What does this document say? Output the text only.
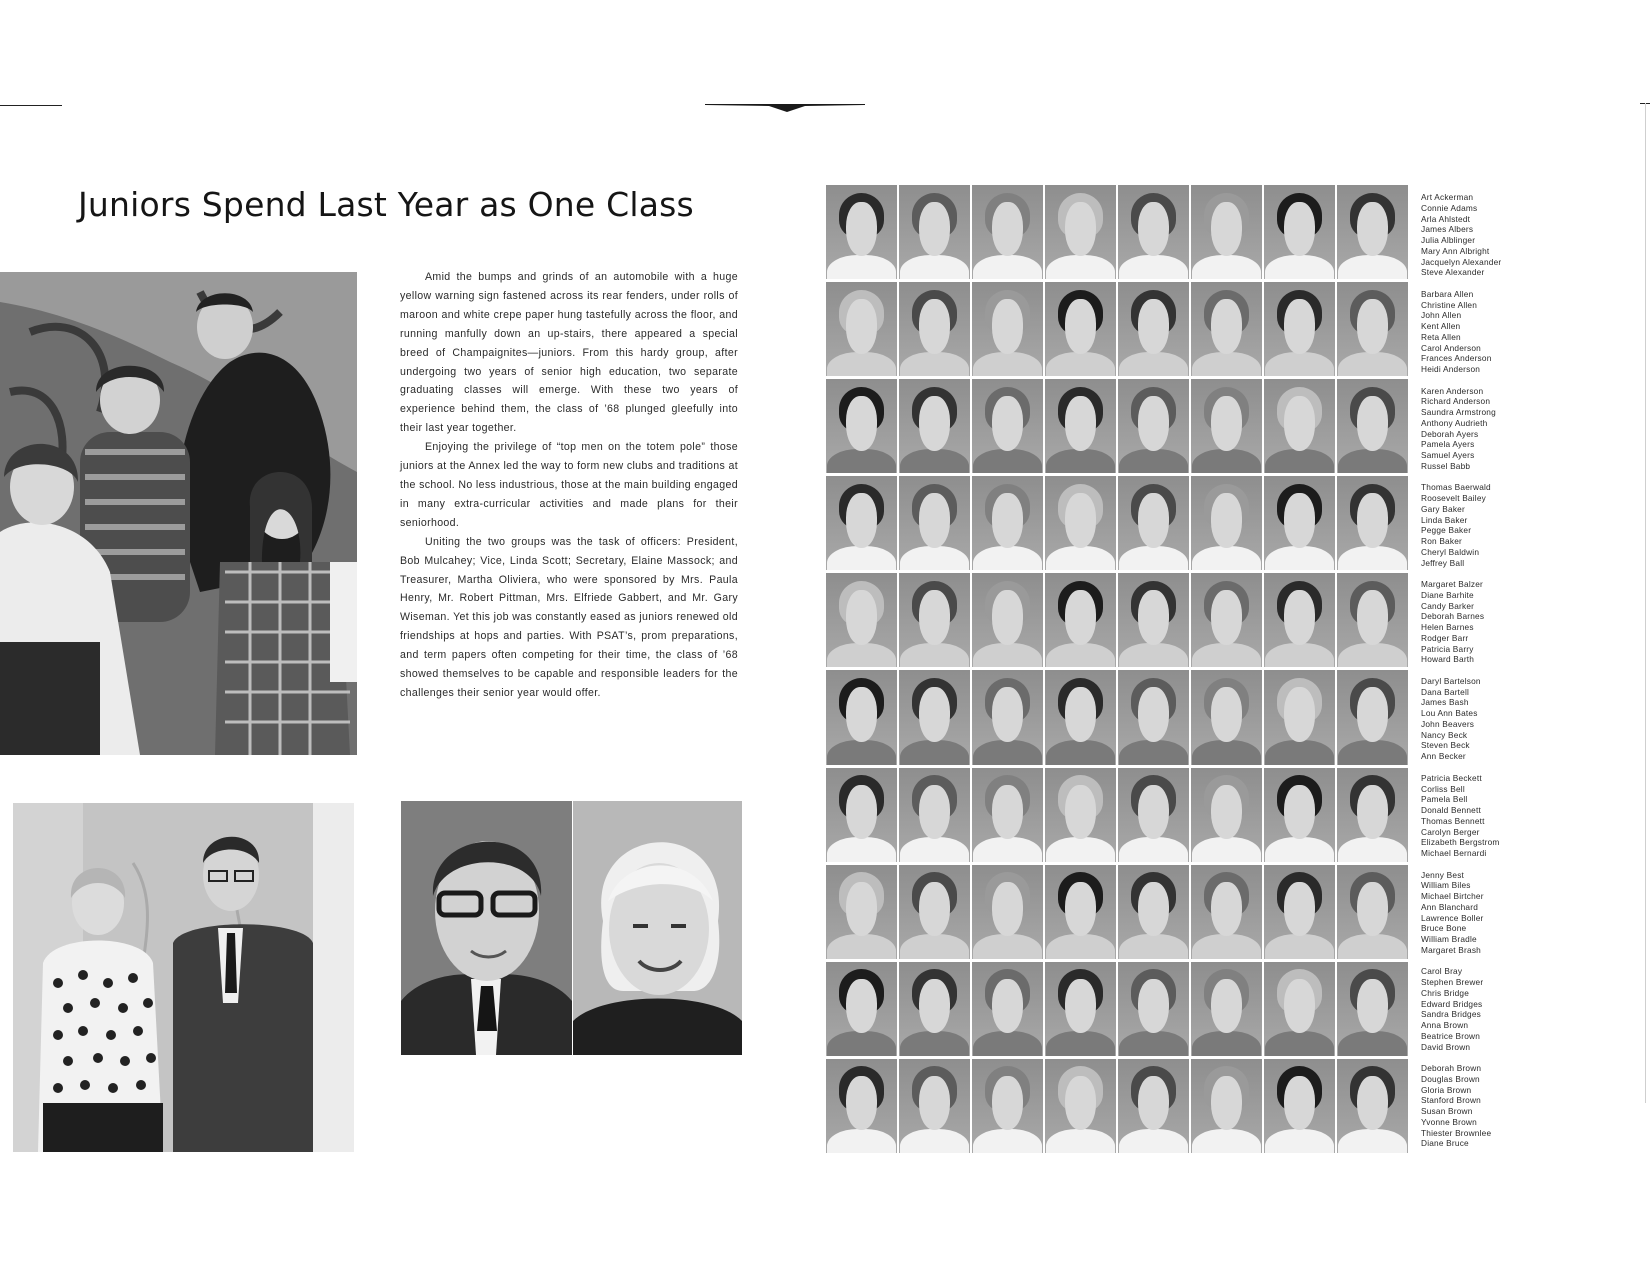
Juniors Spend Last Year as One Class

Amid the bumps and grinds of an automobile with a huge yellow warning sign fastened across its rear fenders, under rolls of maroon and white crepe paper hung tastefully across the floor, and running manfully down an up-stairs, there appeared a special breed of Champaignites—juniors. From this hardy group, after undergoing two years of senior high education, two separate graduating classes will emerge. With these two years of experience behind them, the class of ’68 plunged gleefully into their last year together.

Enjoying the privilege of “top men on the totem pole” those juniors at the Annex led the way to form new clubs and traditions at the school. No less industrious, those at the main building engaged in many extra-curricular activities and made plans for their seniorhood.

Uniting the two groups was the task of officers: President, Bob Mulcahey; Vice, Linda Scott; Secretary, Elaine Massock; and Treasurer, Martha Oliviera, who were sponsored by Mrs. Paula Henry, Mr. Robert Pittman, Mrs. Elfriede Gabbert, and Mr. Gary Wiseman. Yet this job was constantly eased as juniors renewed old friendships at hops and parties. With PSAT’s, prom preparations, and term papers often competing for their time, the class of ’68 showed themselves to be capable and responsible leaders for the challenges their senior year would offer.

Art Ackerman
Connie Adams
Arla Ahlstedt
James Albers
Julia Alblinger
Mary Ann Albright
Jacquelyn Alexander
Steve Alexander
Barbara Allen
Christine Allen
John Allen
Kent Allen
Reta Allen
Carol Anderson
Frances Anderson
Heidi Anderson
Karen Anderson
Richard Anderson
Saundra Armstrong
Anthony Audrieth
Deborah Ayers
Pamela Ayers
Samuel Ayers
Russel Babb
Thomas Baerwald
Roosevelt Bailey
Gary Baker
Linda Baker
Pegge Baker
Ron Baker
Cheryl Baldwin
Jeffrey Ball
Margaret Balzer
Diane Barhite
Candy Barker
Deborah Barnes
Helen Barnes
Rodger Barr
Patricia Barry
Howard Barth
Daryl Bartelson
Dana Bartell
James Bash
Lou Ann Bates
John Beavers
Nancy Beck
Steven Beck
Ann Becker
Patricia Beckett
Corliss Bell
Pamela Bell
Donald Bennett
Thomas Bennett
Carolyn Berger
Elizabeth Bergstrom
Michael Bernardi
Jenny Best
William Biles
Michael Birtcher
Ann Blanchard
Lawrence Boller
Bruce Bone
William Bradle
Margaret Brash
Carol Bray
Stephen Brewer
Chris Bridge
Edward Bridges
Sandra Bridges
Anna Brown
Beatrice Brown
David Brown
Deborah Brown
Douglas Brown
Gloria Brown
Stanford Brown
Susan Brown
Yvonne Brown
Thiester Brownlee
Diane Bruce
